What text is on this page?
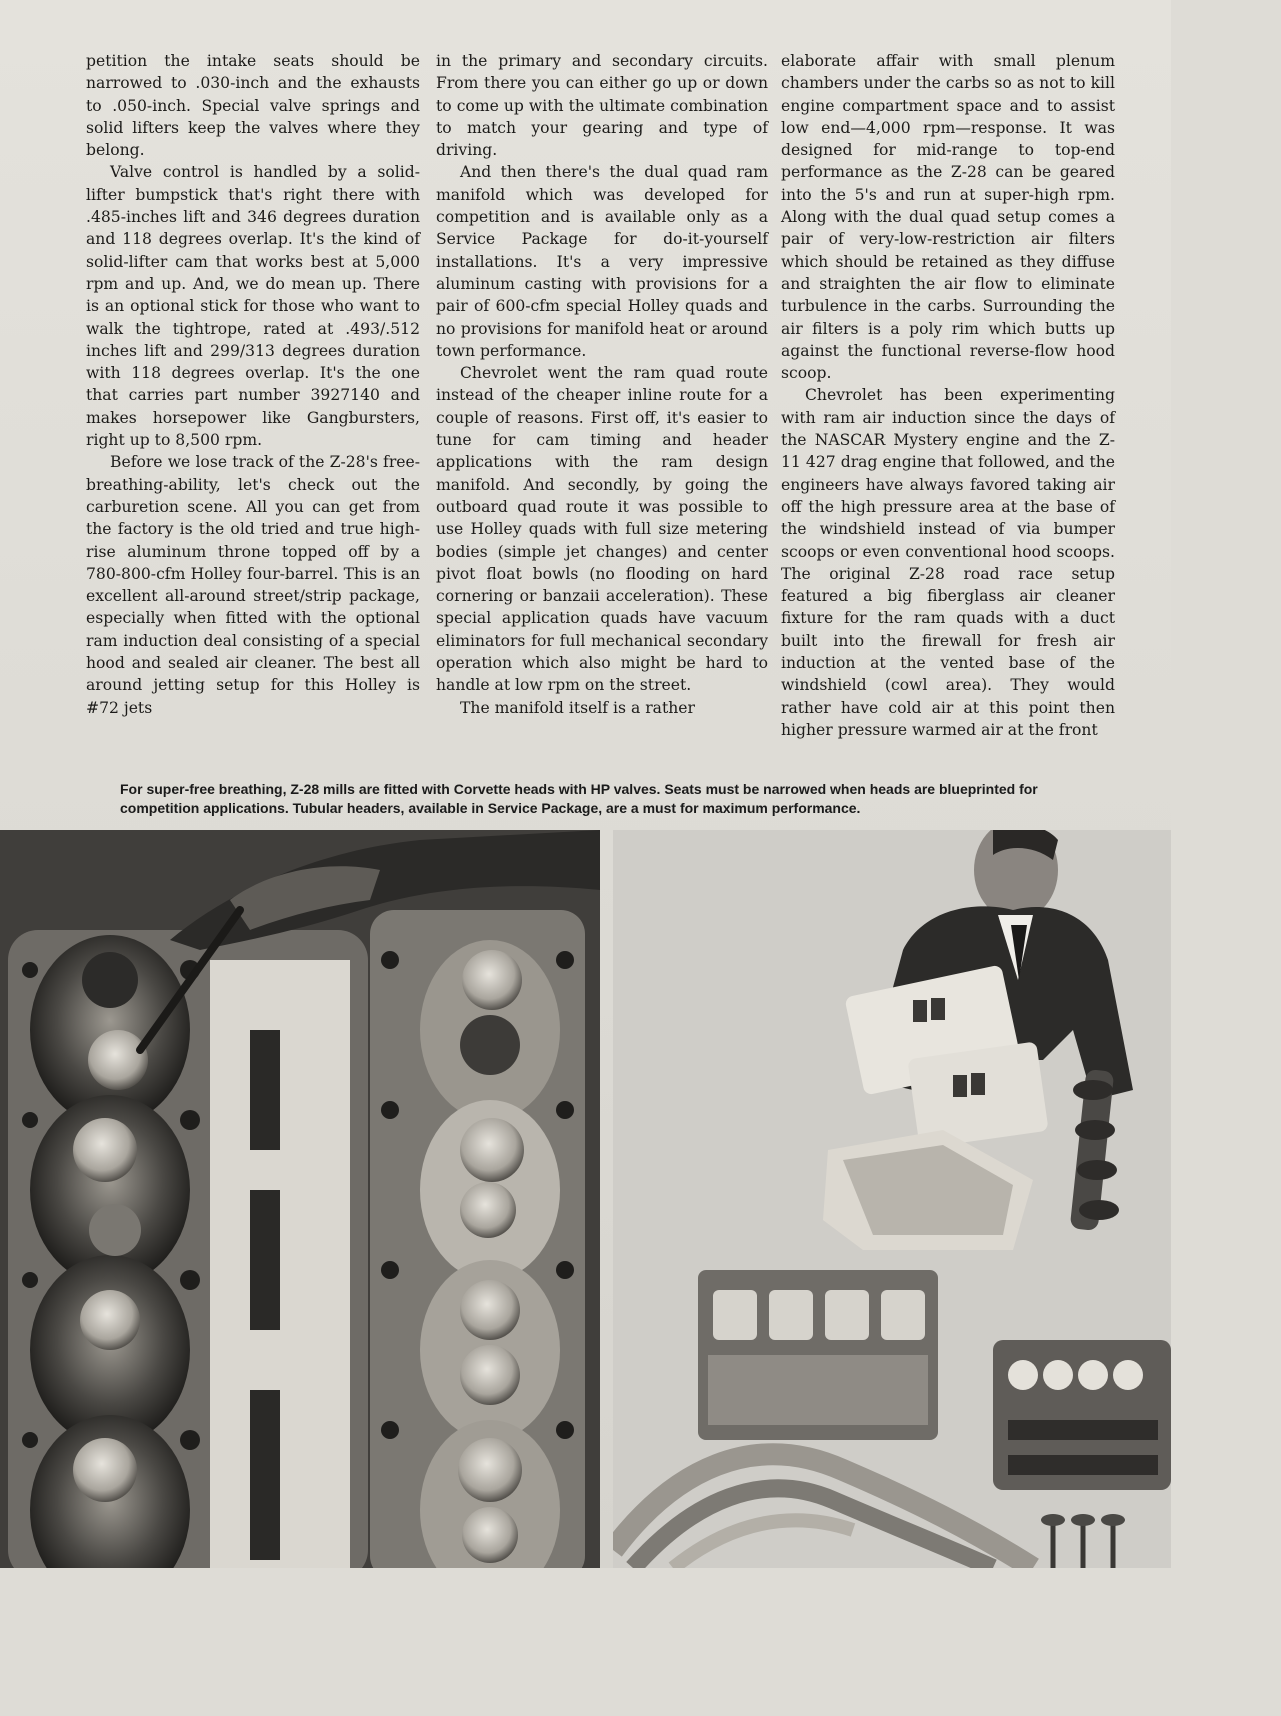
petition the intake seats should be narrowed to .030-inch and the exhausts to .050-inch. Special valve springs and solid lifters keep the valves where they belong.

Valve control is handled by a solid-lifter bumpstick that's right there with .485-inches lift and 346 degrees duration and 118 degrees overlap. It's the kind of solid-lifter cam that works best at 5,000 rpm and up. And, we do mean up. There is an optional stick for those who want to walk the tightrope, rated at .493/.512 inches lift and 299/313 degrees duration with 118 degrees overlap. It's the one that carries part number 3927140 and makes horsepower like Gangbursters, right up to 8,500 rpm.

Before we lose track of the Z-28's free-breathing-ability, let's check out the carburetion scene. All you can get from the factory is the old tried and true high-rise aluminum throne topped off by a 780-800-cfm Holley four-barrel. This is an excellent all-around street/strip package, especially when fitted with the optional ram induction deal consisting of a special hood and sealed air cleaner. The best all around jetting setup for this Holley is #72 jets

in the primary and secondary circuits. From there you can either go up or down to come up with the ultimate combination to match your gearing and type of driving.

And then there's the dual quad ram manifold which was developed for competition and is available only as a Service Package for do-it-yourself installations. It's a very impressive aluminum casting with provisions for a pair of 600-cfm special Holley quads and no provisions for manifold heat or around town performance.

Chevrolet went the ram quad route instead of the cheaper inline route for a couple of reasons. First off, it's easier to tune for cam timing and header applications with the ram design manifold. And secondly, by going the outboard quad route it was possible to use Holley quads with full size metering bodies (simple jet changes) and center pivot float bowls (no flooding on hard cornering or banzaii acceleration). These special application quads have vacuum eliminators for full mechanical secondary operation which also might be hard to handle at low rpm on the street.

The manifold itself is a rather

elaborate affair with small plenum chambers under the carbs so as not to kill engine compartment space and to assist low end—4,000 rpm—response. It was designed for mid-range to top-end performance as the Z-28 can be geared into the 5's and run at super-high rpm. Along with the dual quad setup comes a pair of very-low-restriction air filters which should be retained as they diffuse and straighten the air flow to eliminate turbulence in the carbs. Surrounding the air filters is a poly rim which butts up against the functional reverse-flow hood scoop.

Chevrolet has been experimenting with ram air induction since the days of the NASCAR Mystery engine and the Z-11 427 drag engine that followed, and the engineers have always favored taking air off the high pressure area at the base of the windshield instead of via bumper scoops or even conventional hood scoops. The original Z-28 road race setup featured a big fiberglass air cleaner fixture for the ram quads with a duct built into the firewall for fresh air induction at the vented base of the windshield (cowl area). They would rather have cold air at this point then higher pressure warmed air at the front

For super-free breathing, Z-28 mills are fitted with Corvette heads with HP valves. Seats must be narrowed when heads are blueprinted for competition applications. Tubular headers, available in Service Package, are a must for maximum performance.
